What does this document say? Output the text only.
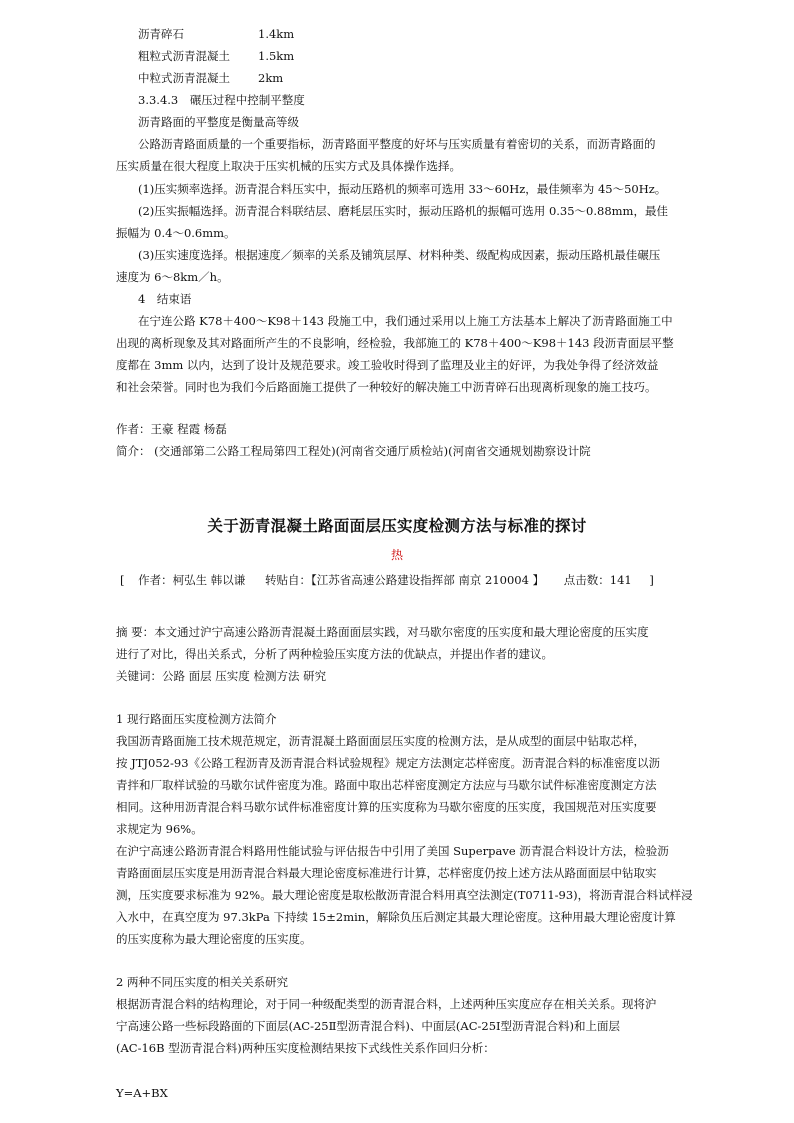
沥青碎石	1.4km
粗粒式沥青混凝土 1.5km
中粒式沥青混凝土 2km
3.3.4.3　碾压过程中控制平整度
沥青路面的平整度是衡量高等级
公路沥青路面质量的一个重要指标，沥青路面平整度的好坏与压实质量有着密切的关系，而沥青路面的
压实质量在很大程度上取决于压实机械的压实方式及具体操作选择。
(1)压实频率选择。沥青混合料压实中，振动压路机的频率可选用 33～60Hz，最佳频率为 45～50Hz。
(2)压实振幅选择。沥青混合料联结层、磨耗层压实时，振动压路机的振幅可选用 0.35～0.88mm，最佳
振幅为 0.4～0.6mm。
(3)压实速度选择。根据速度／频率的关系及铺筑层厚、材料种类、级配构成因素，振动压路机最佳碾压
速度为 6～8km／h。
4　结束语
在宁连公路 K78＋400～K98＋143 段施工中，我们通过采用以上施工方法基本上解决了沥青路面施工中
出现的离析现象及其对路面所产生的不良影响，经检验，我部施工的 K78＋400～K98＋143 段沥青面层平整
度都在 3mm 以内，达到了设计及规范要求。竣工验收时得到了监理及业主的好评，为我处争得了经济效益
和社会荣誉。同时也为我们今后路面施工提供了一种较好的解决施工中沥青碎石出现离析现象的施工技巧。
作者：王豪 程霞 杨磊
简介： (交通部第二公路工程局第四工程处)(河南省交通厅质检站)(河南省交通规划勘察设计院
关于沥青混凝土路面面层压实度检测方法与标准的探讨
热
[ 作者：柯弘生 韩以谦 转贴自：【江苏省高速公路建设指挥部 南京 210004 】 点击数：141 ]
摘 要：本文通过沪宁高速公路沥青混凝土路面面层实践，对马歇尔密度的压实度和最大理论密度的压实度
进行了对比，得出关系式，分析了两种检验压实度方法的优缺点，并提出作者的建议。
关键词：公路 面层 压实度 检测方法 研究
1 现行路面压实度检测方法简介
我国沥青路面施工技术规范规定，沥青混凝土路面面层压实度的检测方法，是从成型的面层中钻取芯样，
按 JTJ052-93《公路工程沥青及沥青混合料试验规程》规定方法测定芯样密度。沥青混合料的标准密度以沥
青拌和厂取样试验的马歇尔试件密度为准。路面中取出芯样密度测定方法应与马歇尔试件标准密度测定方法
相同。这种用沥青混合料马歇尔试件标准密度计算的压实度称为马歇尔密度的压实度，我国规范对压实度要
求规定为 96%。
在沪宁高速公路沥青混合料路用性能试验与评估报告中引用了美国 Superpave 沥青混合料设计方法，检验沥
青路面面层压实度是用沥青混合料最大理论密度标准进行计算，芯样密度仍按上述方法从路面面层中钻取实
测，压实度要求标准为 92%。最大理论密度是取松散沥青混合料用真空法测定(T0711-93)，将沥青混合料试样浸
入水中，在真空度为 97.3kPa 下持续 15±2min，解除负压后测定其最大理论密度。这种用最大理论密度计算
的压实度称为最大理论密度的压实度。
2 两种不同压实度的相关关系研究
根据沥青混合料的结构理论，对于同一种级配类型的沥青混合料，上述两种压实度应存在相关关系。现将沪
宁高速公路一些标段路面的下面层(AC-25Ⅱ型沥青混合料)、中面层(AC-25Ⅰ型沥青混合料)和上面层
(AC-16B 型沥青混合料)两种压实度检测结果按下式线性关系作回归分析：
Y=A+BX
